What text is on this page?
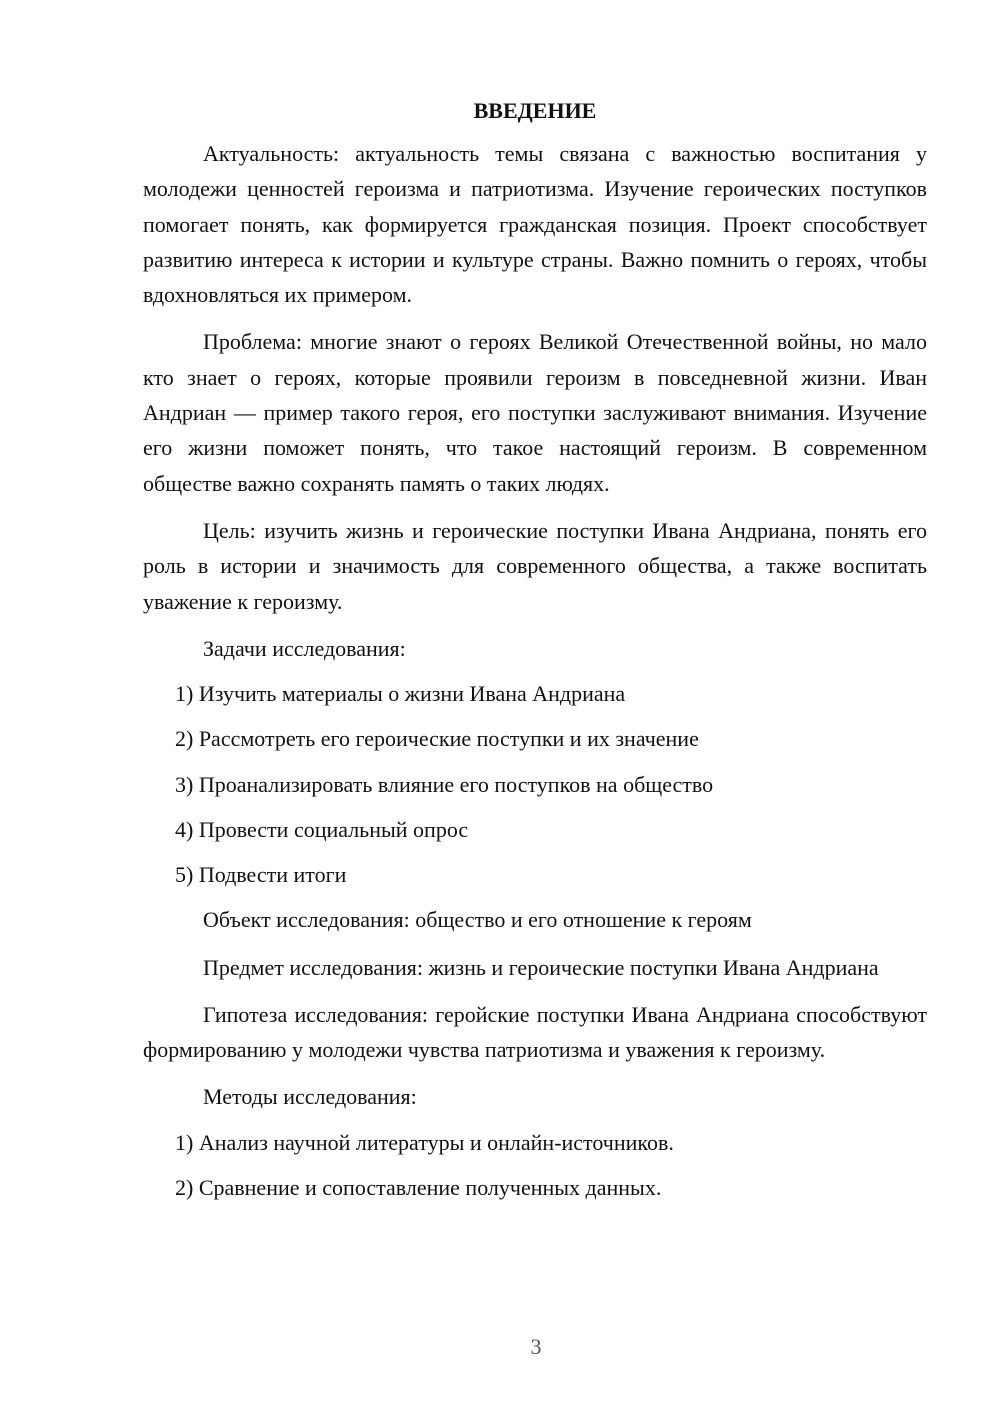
ВВЕДЕНИЕ

Актуальность: актуальность темы связана с важностью воспитания у молодежи ценностей героизма и патриотизма. Изучение героических поступков помогает понять, как формируется гражданская позиция. Проект способствует развитию интереса к истории и культуре страны. Важно помнить о героях, чтобы вдохновляться их примером.

Проблема: многие знают о героях Великой Отечественной войны, но мало кто знает о героях, которые проявили героизм в повседневной жизни. Иван Андриан — пример такого героя, его поступки заслуживают внимания. Изучение его жизни поможет понять, что такое настоящий героизм. В современном обществе важно сохранять память о таких людях.

Цель: изучить жизнь и героические поступки Ивана Андриана, понять его роль в истории и значимость для современного общества, а также воспитать уважение к героизму.

Задачи исследования:

1) Изучить материалы о жизни Ивана Андриана
2) Рассмотреть его героические поступки и их значение
3) Проанализировать влияние его поступков на общество
4) Провести социальный опрос
5) Подвести итоги

Объект исследования: общество и его отношение к героям

Предмет исследования: жизнь и героические поступки Ивана Андриана

Гипотеза исследования: геройские поступки Ивана Андриана способствуют формированию у молодежи чувства патриотизма и уважения к героизму.

Методы исследования:

1) Анализ научной литературы и онлайн-источников.
2) Сравнение и сопоставление полученных данных.
3
